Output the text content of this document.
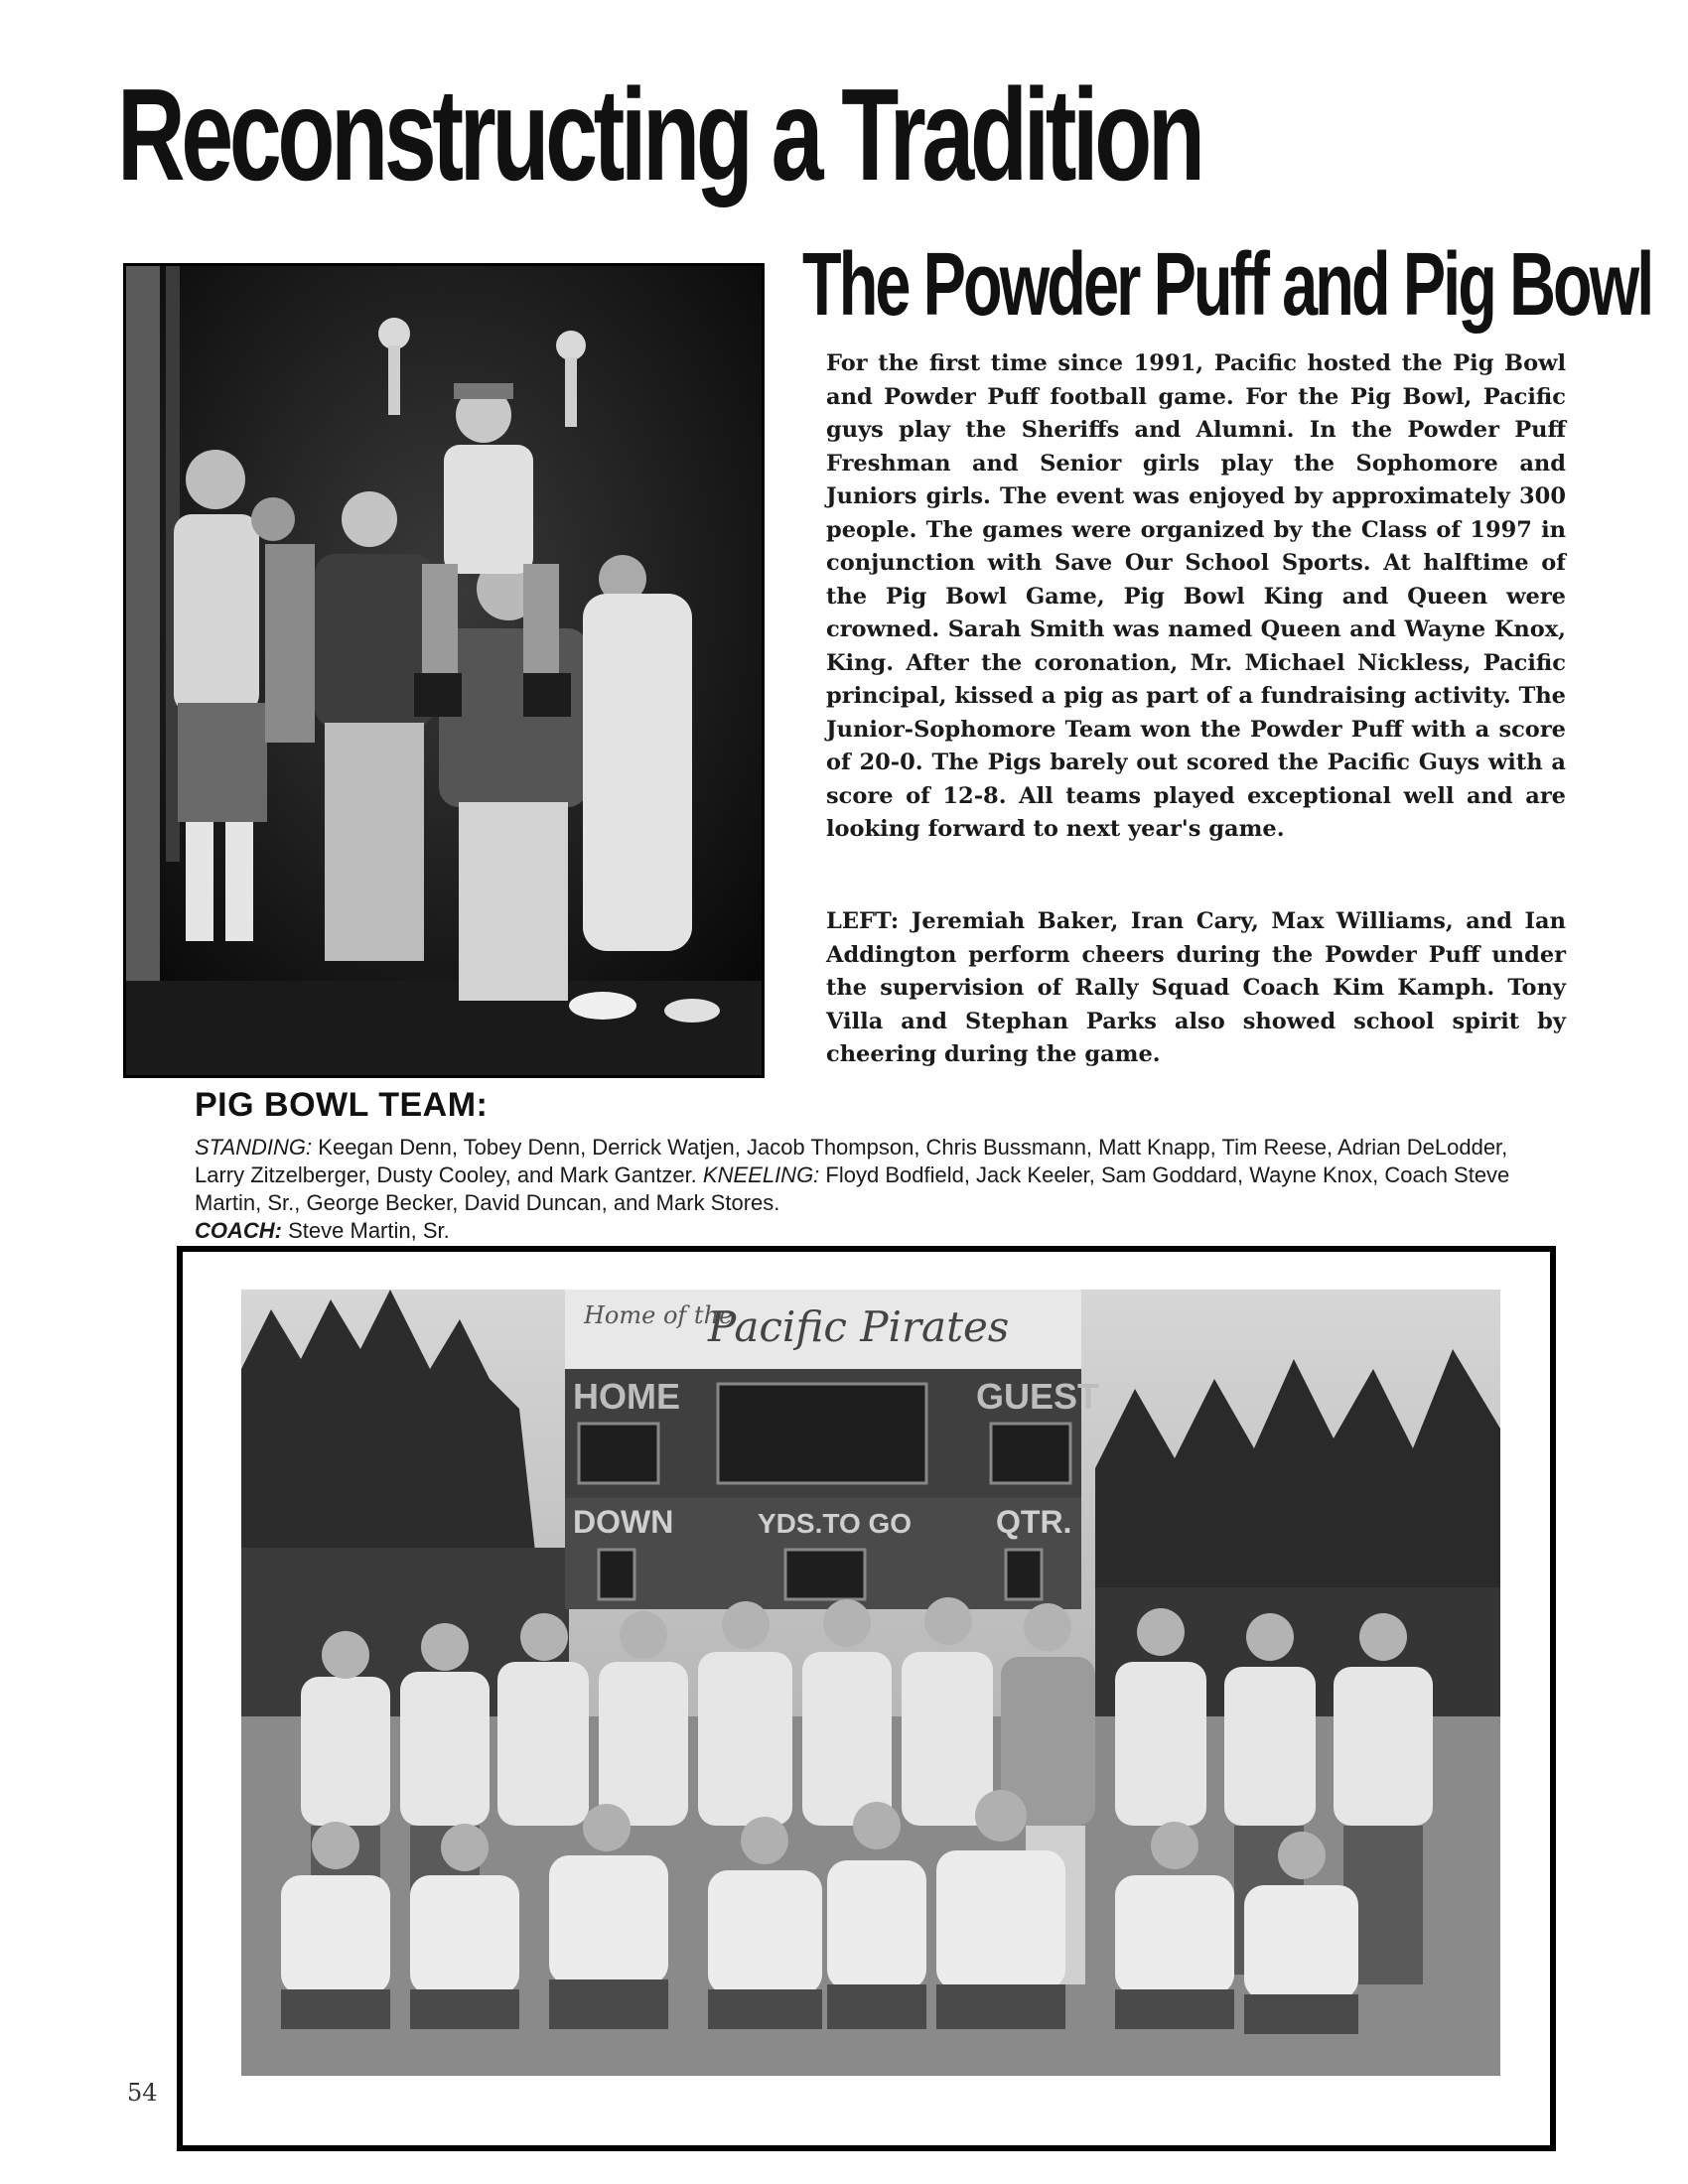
Reconstructing a Tradition
The Powder Puff and Pig Bowl
For the first time since 1991, Pacific hosted the Pig Bowl and Powder Puff football game. For the Pig Bowl, Pacific guys play the Sheriffs and Alumni. In the Powder Puff Freshman and Senior girls play the Sophomore and Juniors girls. The event was enjoyed by approximately 300 people. The games were organized by the Class of 1997 in conjunction with Save Our School Sports. At halftime of the Pig Bowl Game, Pig Bowl King and Queen were crowned. Sarah Smith was named Queen and Wayne Knox, King. After the coronation, Mr. Michael Nickless, Pacific principal, kissed a pig as part of a fundraising activity. The Junior-Sophomore Team won the Powder Puff with a score of 20-0. The Pigs barely out scored the Pacific Guys with a score of 12-8. All teams played exceptional well and are looking forward to next year's game.
LEFT: Jeremiah Baker, Iran Cary, Max Williams, and Ian Addington perform cheers during the Powder Puff under the supervision of Rally Squad Coach Kim Kamph. Tony Villa and Stephan Parks also showed school spirit by cheering during the game.
PIG BOWL TEAM:
STANDING: Keegan Denn, Tobey Denn, Derrick Watjen, Jacob Thompson, Chris Bussmann, Matt Knapp, Tim Reese, Adrian DeLodder, Larry Zitzelberger, Dusty Cooley, and Mark Gantzer. KNEELING: Floyd Bodfield, Jack Keeler, Sam Goddard, Wayne Knox, Coach Steve Martin, Sr., George Becker, David Duncan, and Mark Stores.
COACH: Steve Martin, Sr.
Home of the
Pacific Pirates
HOME	GUEST
DOWN	YDS.TO GO	QTR.
54
